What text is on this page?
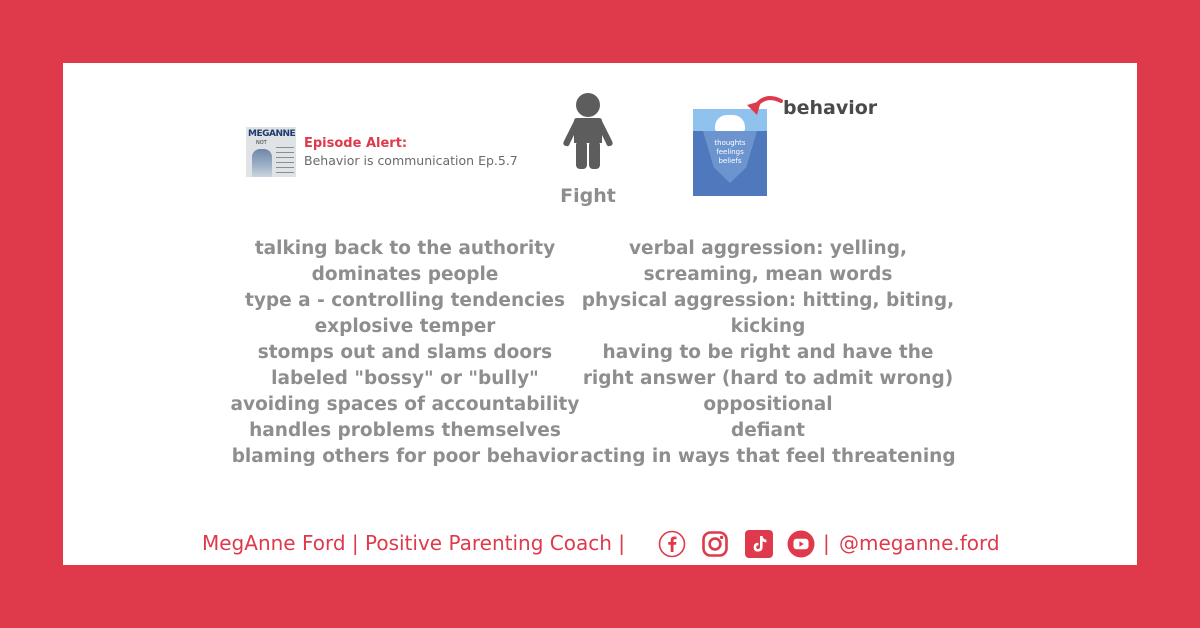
MEGANNE
NOT	Episode Alert:
Behavior is communication Ep.5.7
Fight
thoughts
feelings
beliefs
behavior
talking back to the authority
dominates people
type a - controlling tendencies
explosive temper
stomps out and slams doors
labeled "bossy" or "bully"
avoiding spaces of accountability
handles problems themselves
blaming others for poor behavior
verbal aggression: yelling, screaming, mean words
physical aggression: hitting, biting, kicking
having to be right and have the right answer (hard to admit wrong)
oppositional
defiant
acting in ways that feel threatening
MegAnne Ford | Positive Parenting Coach |	| @meganne.ford
